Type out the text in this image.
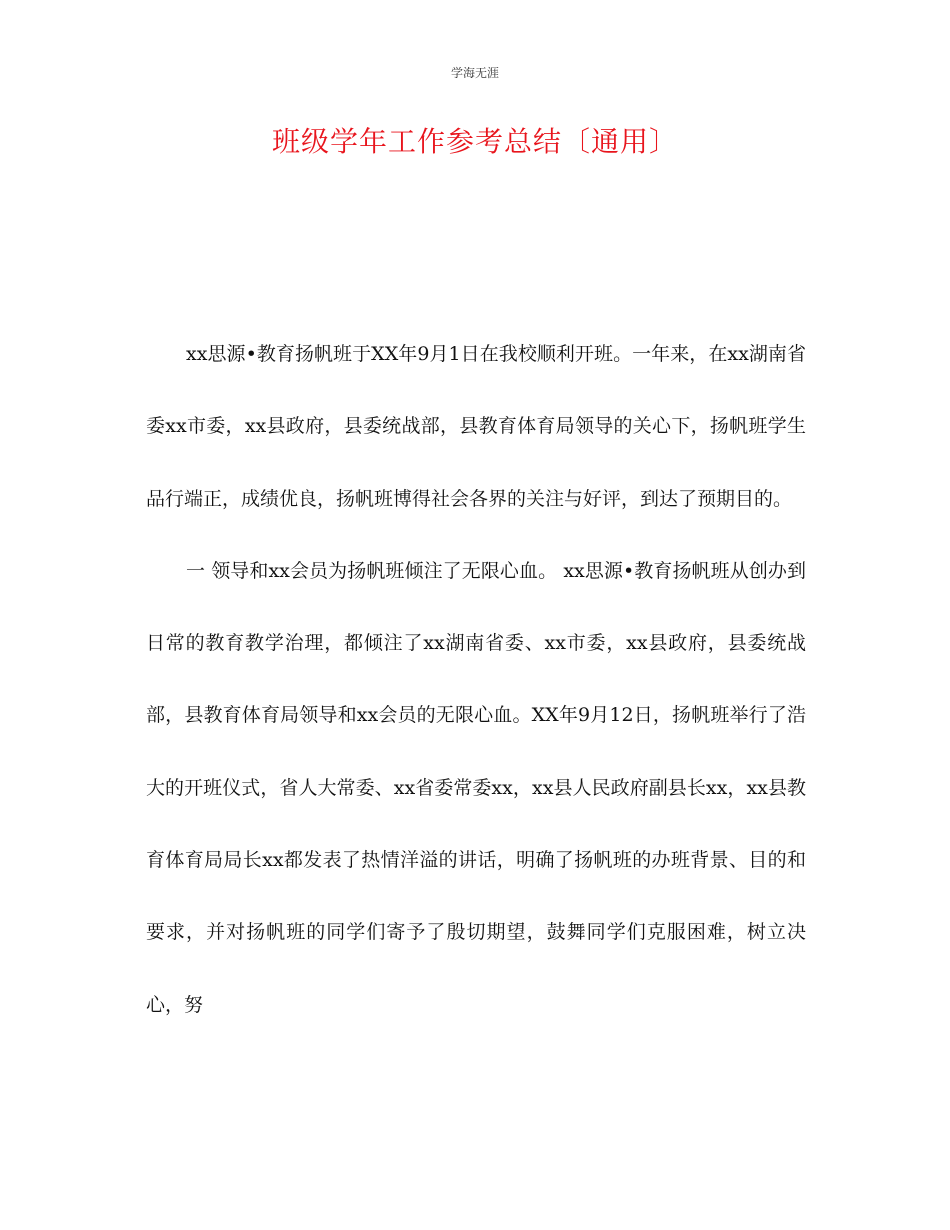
学海无涯
班级学年工作参考总结〔通用〕

xx思源•教育扬帆班于XX年9月1日在我校顺利开班。一年来，在xx湖南省委xx市委，xx县政府，县委统战部，县教育体育局领导的关心下，扬帆班学生品行端正，成绩优良，扬帆班博得社会各界的关注与好评，到达了预期目的。

一 领导和xx会员为扬帆班倾注了无限心血。 xx思源•教育扬帆班从创办到日常的教育教学治理，都倾注了xx湖南省委、xx市委，xx县政府，县委统战部，县教育体育局领导和xx会员的无限心血。XX年9月12日，扬帆班举行了浩大的开班仪式，省人大常委、xx省委常委xx，xx县人民政府副县长xx，xx县教育体育局局长xx都发表了热情洋溢的讲话，明确了扬帆班的办班背景、目的和要求，并对扬帆班的同学们寄予了殷切期望，鼓舞同学们克服困难，树立决心，努
